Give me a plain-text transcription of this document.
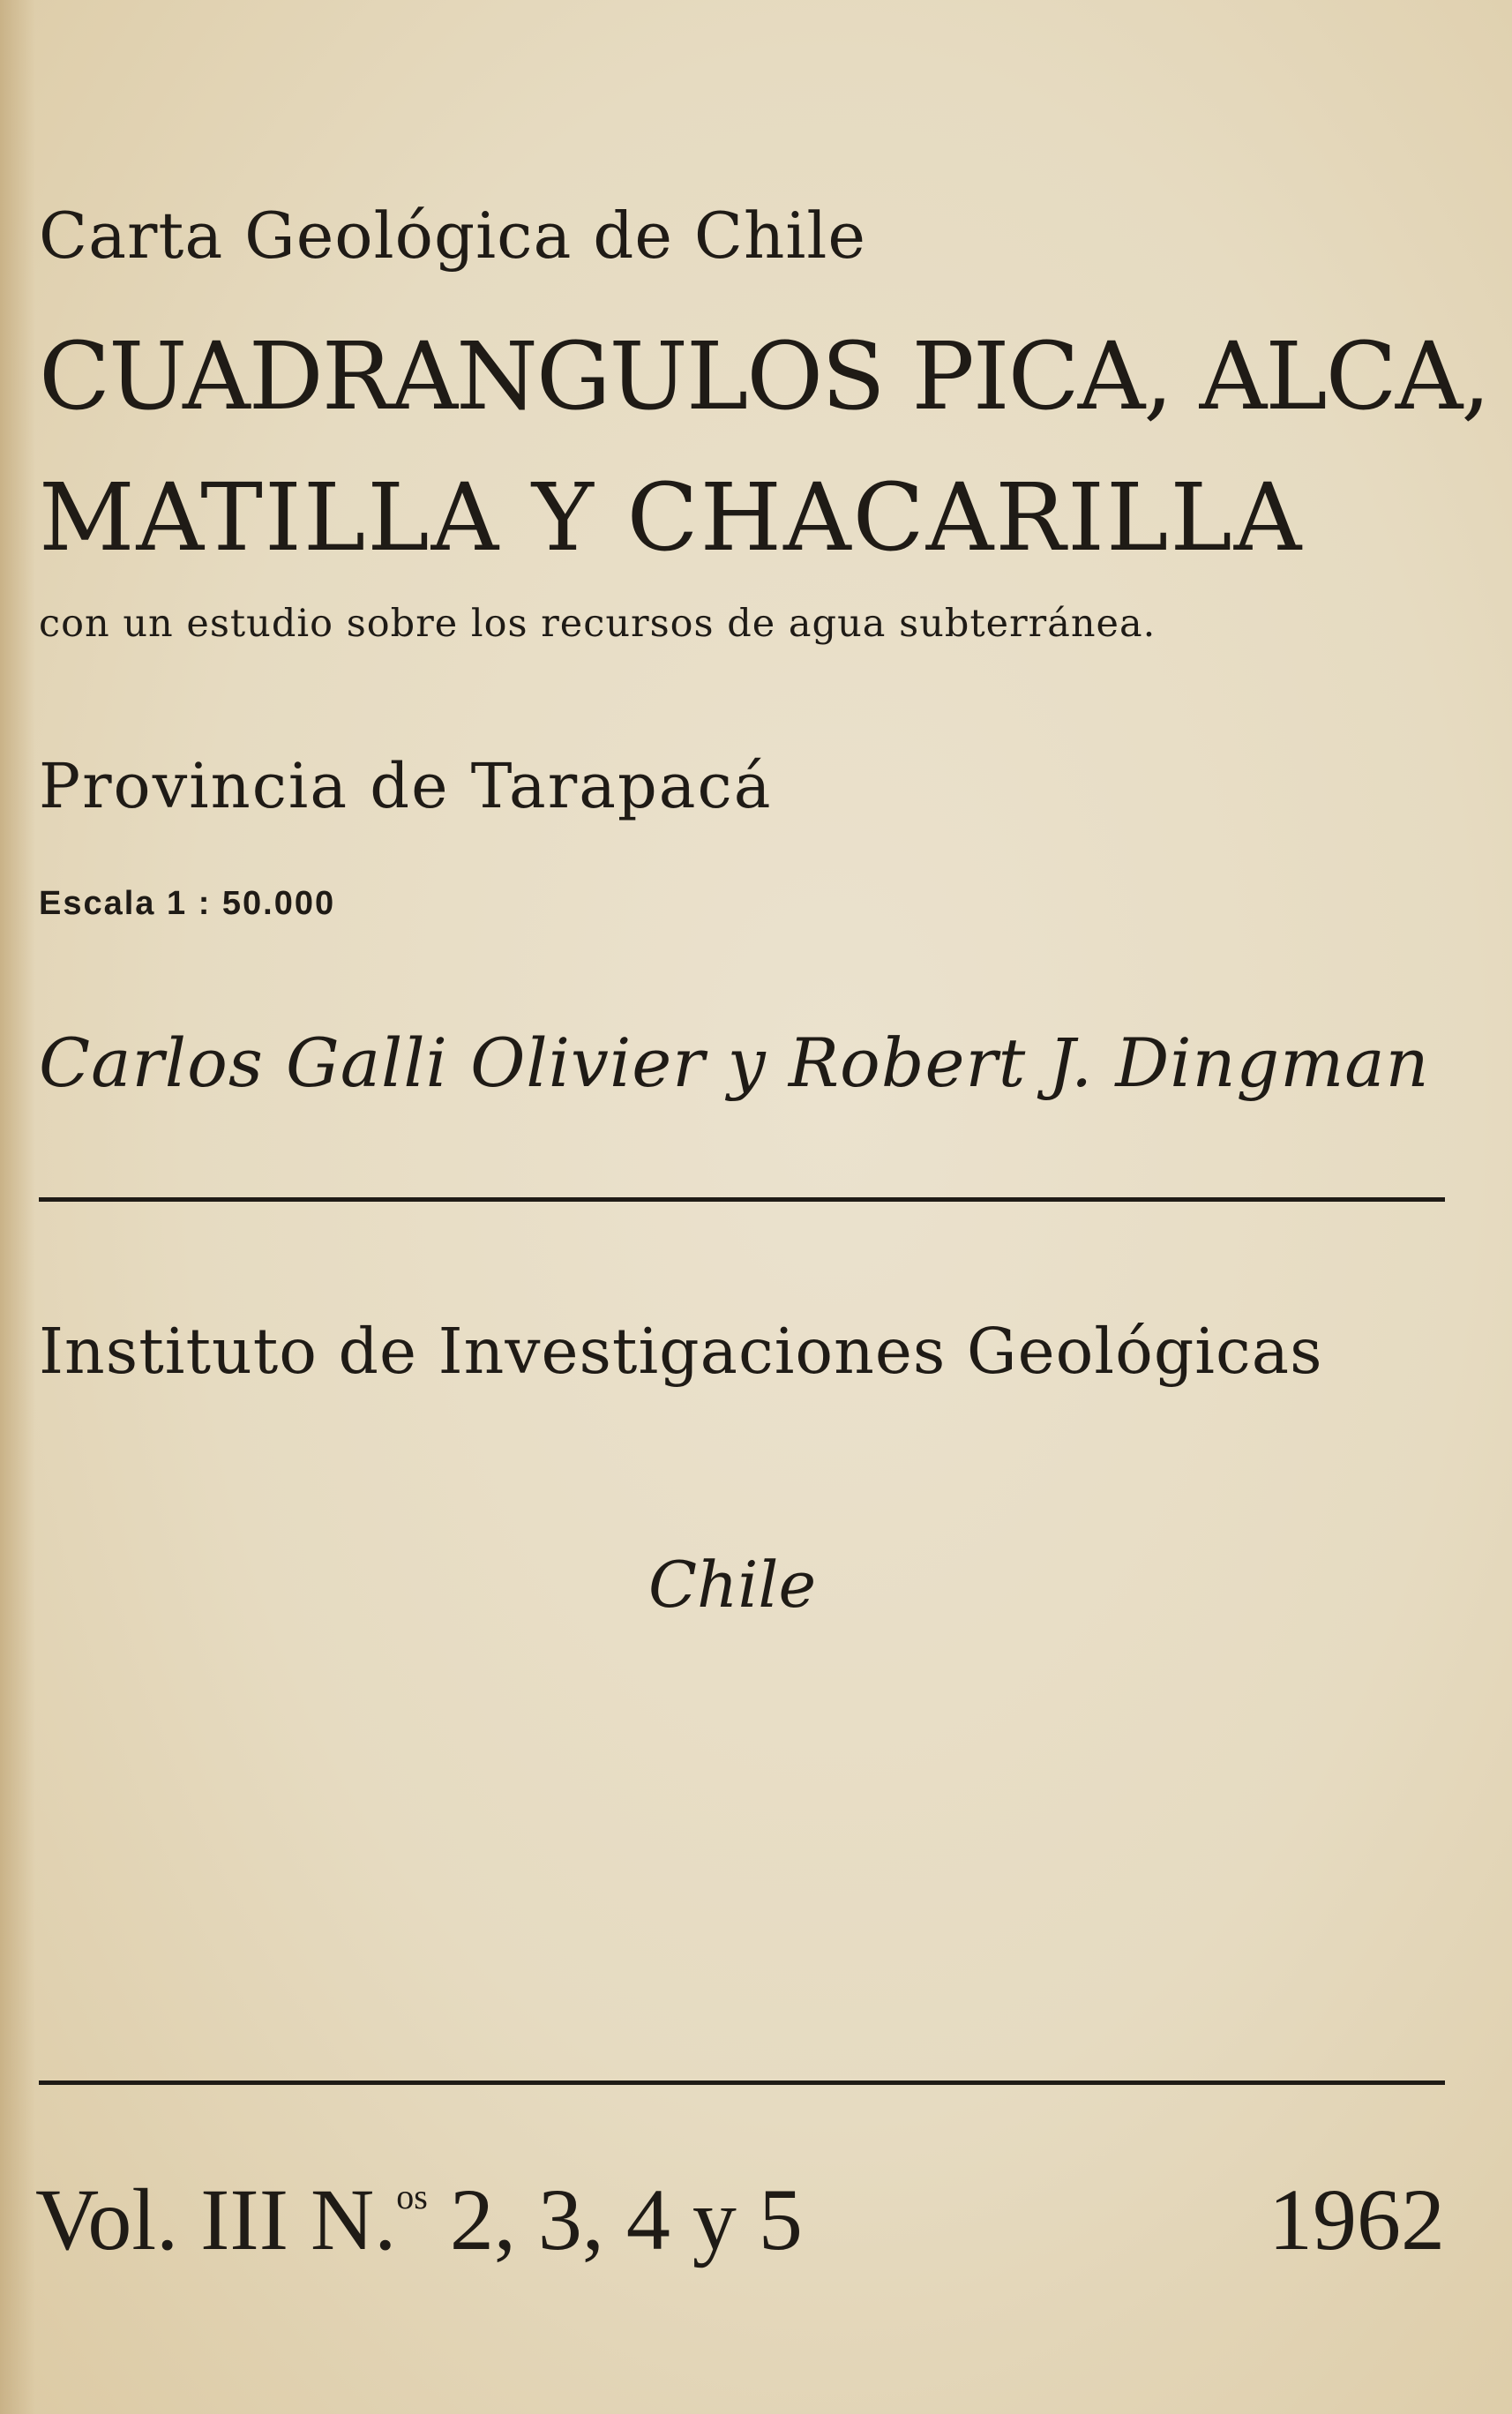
Carta Geológica de Chile

CUADRANGULOS PICA, ALCA,
MATILLA Y CHACARILLA

con un estudio sobre los recursos de agua subterránea.

Provincia de Tarapacá

Escala 1 : 50.000

Carlos Galli Olivier y Robert J. Dingman

Instituto de Investigaciones Geológicas

Chile

Vol. III N.$^{os}$ 2, 3, 4 y 5	1962
